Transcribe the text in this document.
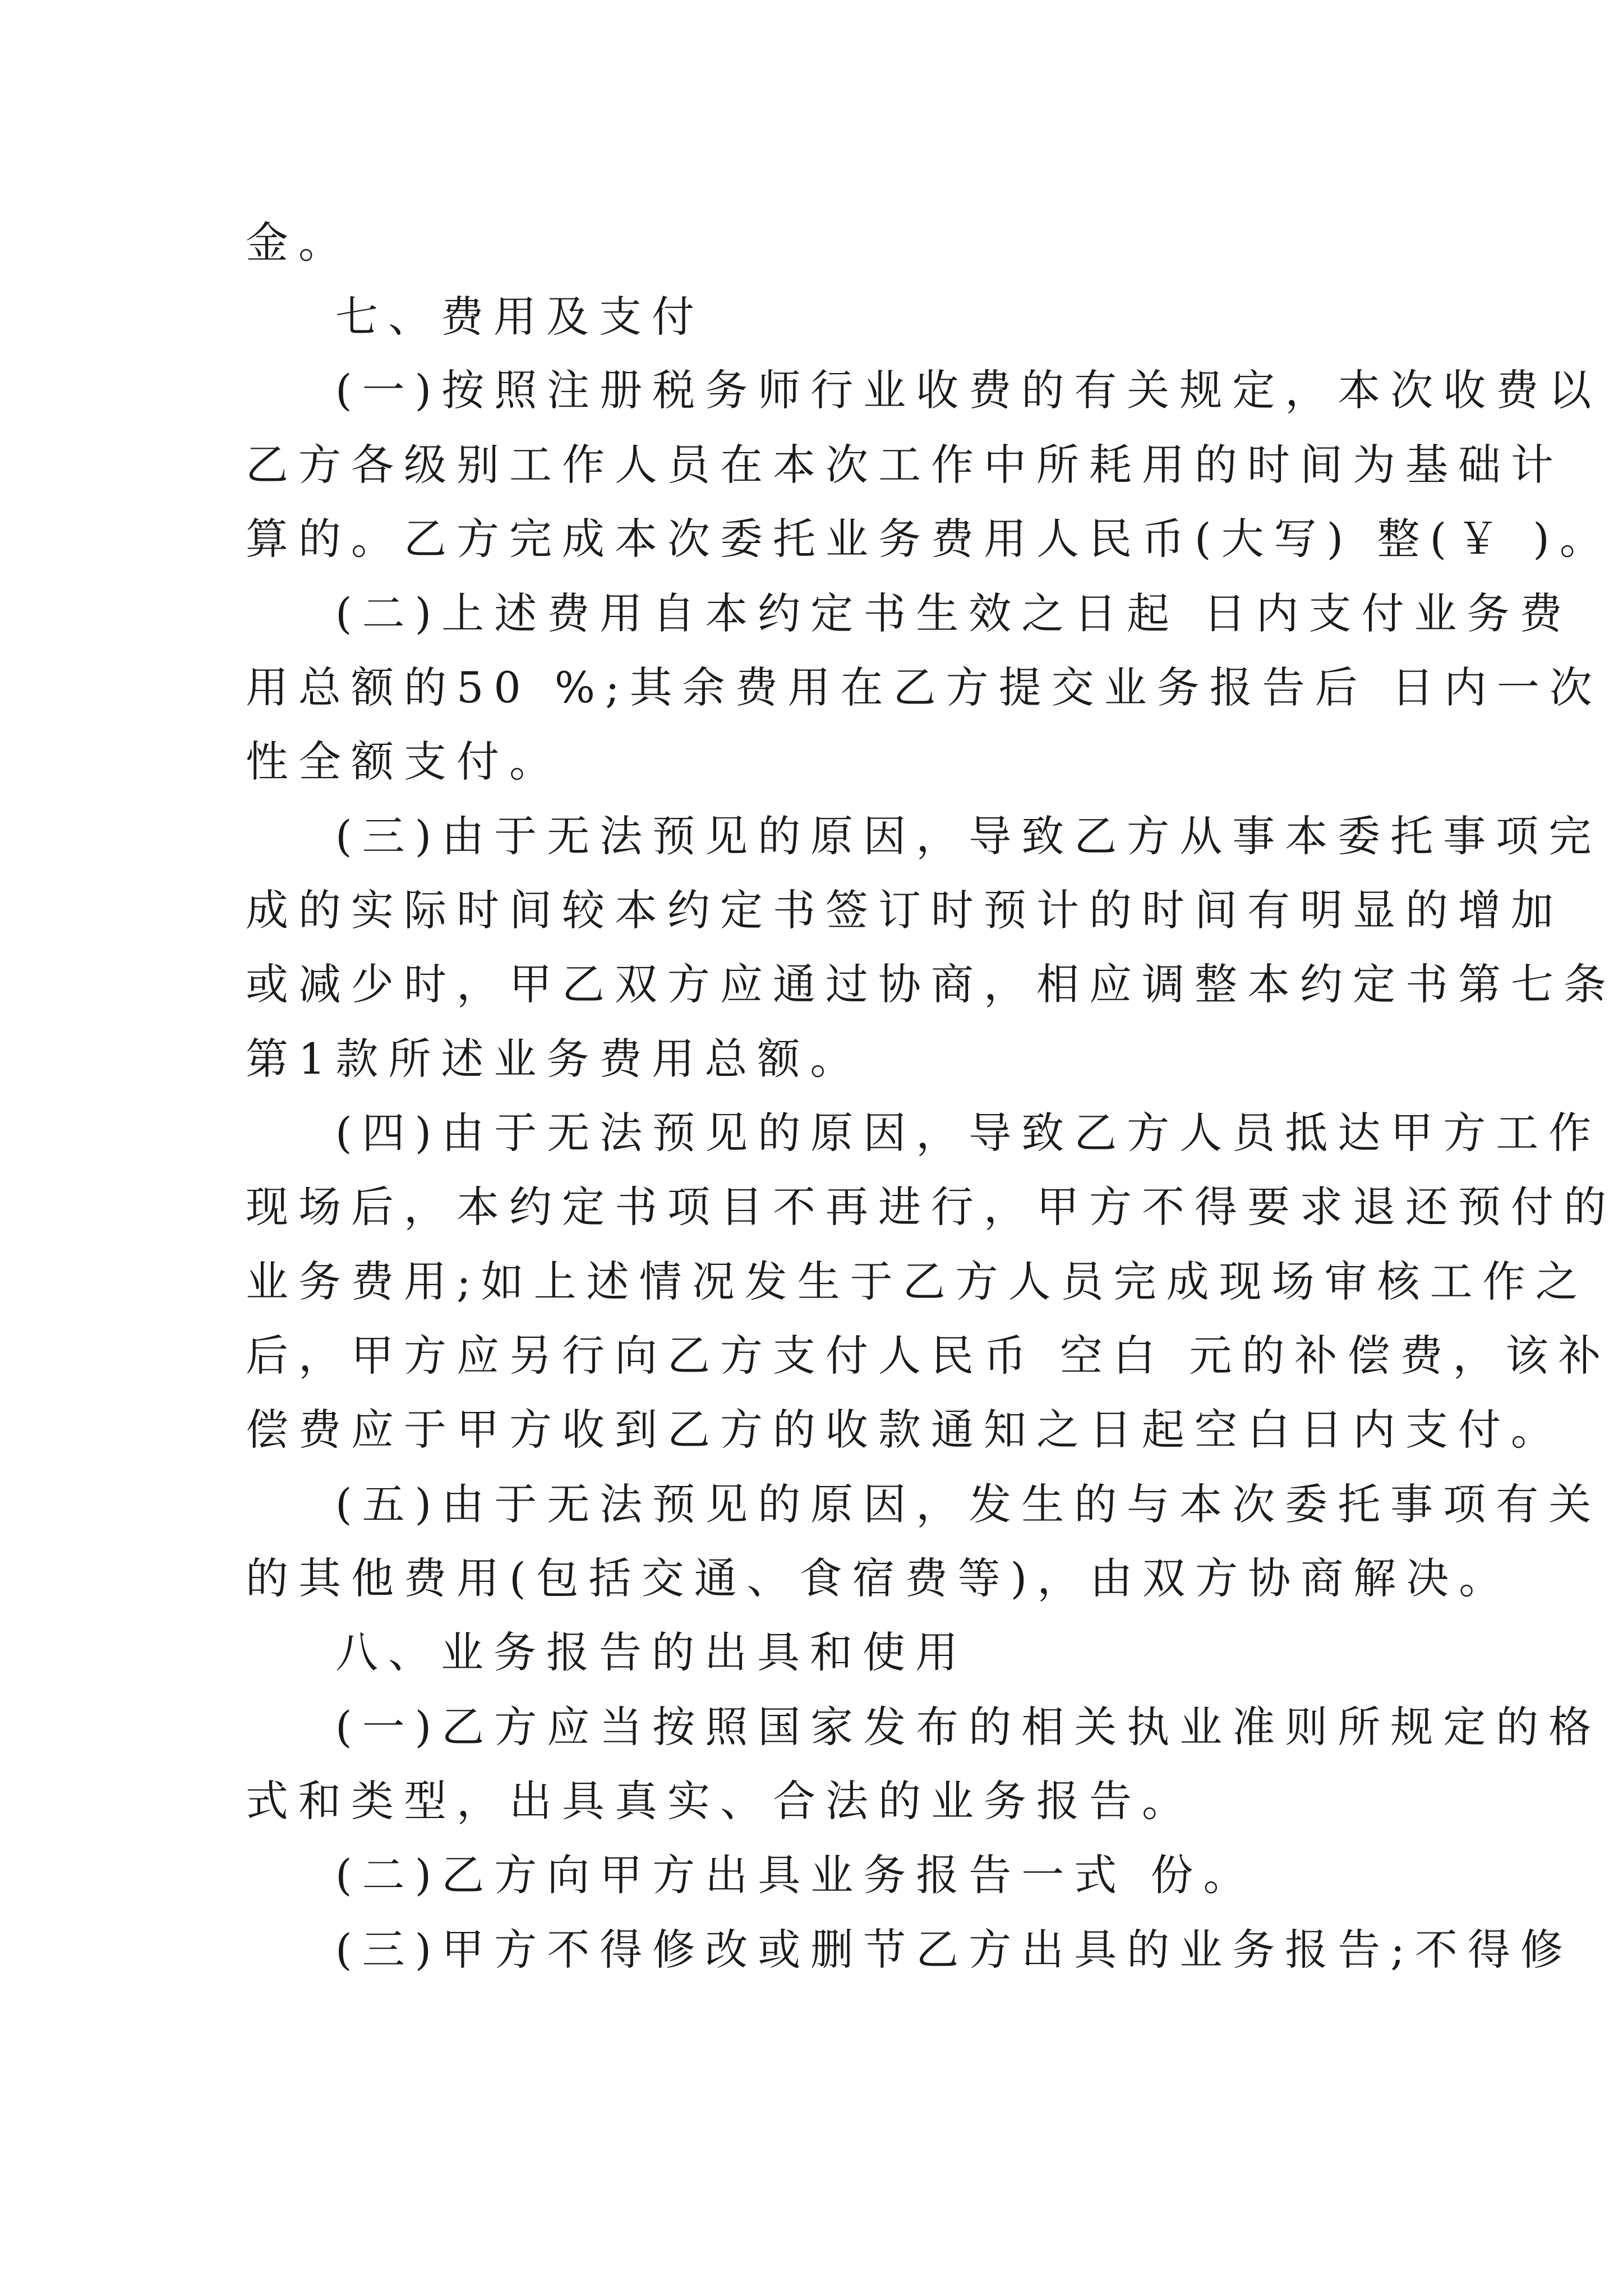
金。

七、费用及支付

(一)按照注册税务师行业收费的有关规定，本次收费以

乙方各级别工作人员在本次工作中所耗用的时间为基础计

算的。乙方完成本次委托业务费用人民币(大写) 整(￥ )。

(二)上述费用自本约定书生效之日起 日内支付业务费

用总额的50 %;其余费用在乙方提交业务报告后 日内一次

性全额支付。

(三)由于无法预见的原因，导致乙方从事本委托事项完

成的实际时间较本约定书签订时预计的时间有明显的增加

或减少时，甲乙双方应通过协商，相应调整本约定书第七条

第1款所述业务费用总额。

(四)由于无法预见的原因，导致乙方人员抵达甲方工作

现场后，本约定书项目不再进行，甲方不得要求退还预付的

业务费用;如上述情况发生于乙方人员完成现场审核工作之

后，甲方应另行向乙方支付人民币 空白 元的补偿费，该补

偿费应于甲方收到乙方的收款通知之日起空白日内支付。

(五)由于无法预见的原因，发生的与本次委托事项有关

的其他费用(包括交通、食宿费等)，由双方协商解决。

八、业务报告的出具和使用

(一)乙方应当按照国家发布的相关执业准则所规定的格

式和类型，出具真实、合法的业务报告。

(二)乙方向甲方出具业务报告一式 份。

(三)甲方不得修改或删节乙方出具的业务报告;不得修
